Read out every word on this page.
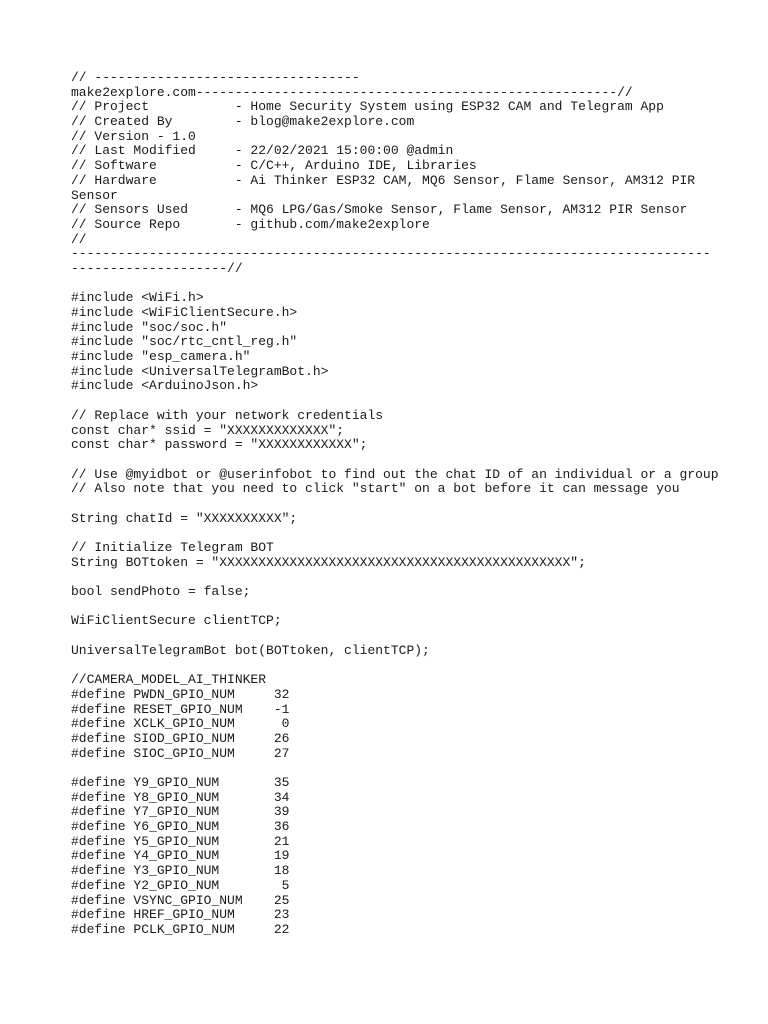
// ----------------------------------
make2explore.com------------------------------------------------------//
// Project           - Home Security System using ESP32 CAM and Telegram App
// Created By        - blog@make2explore.com
// Version - 1.0
// Last Modified     - 22/02/2021 15:00:00 @admin
// Software          - C/C++, Arduino IDE, Libraries
// Hardware          - Ai Thinker ESP32 CAM, MQ6 Sensor, Flame Sensor, AM312 PIR
Sensor
// Sensors Used      - MQ6 LPG/Gas/Smoke Sensor, Flame Sensor, AM312 PIR Sensor
// Source Repo       - github.com/make2explore
//
----------------------------------------------------------------------------------
--------------------//
#include <WiFi.h>
#include <WiFiClientSecure.h>
#include "soc/soc.h"
#include "soc/rtc_cntl_reg.h"
#include "esp_camera.h"
#include <UniversalTelegramBot.h>
#include <ArduinoJson.h>
// Replace with your network credentials
const char* ssid = "XXXXXXXXXXXXX";
const char* password = "XXXXXXXXXXXX";
// Use @myidbot or @userinfobot to find out the chat ID of an individual or a group
// Also note that you need to click "start" on a bot before it can message you
String chatId = "XXXXXXXXXX";
// Initialize Telegram BOT
String BOTtoken = "XXXXXXXXXXXXXXXXXXXXXXXXXXXXXXXXXXXXXXXXXXXXX";
bool sendPhoto = false;
WiFiClientSecure clientTCP;
UniversalTelegramBot bot(BOTtoken, clientTCP);
//CAMERA_MODEL_AI_THINKER
#define PWDN_GPIO_NUM     32
#define RESET_GPIO_NUM    -1
#define XCLK_GPIO_NUM      0
#define SIOD_GPIO_NUM     26
#define SIOC_GPIO_NUM     27
#define Y9_GPIO_NUM       35
#define Y8_GPIO_NUM       34
#define Y7_GPIO_NUM       39
#define Y6_GPIO_NUM       36
#define Y5_GPIO_NUM       21
#define Y4_GPIO_NUM       19
#define Y3_GPIO_NUM       18
#define Y2_GPIO_NUM        5
#define VSYNC_GPIO_NUM    25
#define HREF_GPIO_NUM     23
#define PCLK_GPIO_NUM     22
